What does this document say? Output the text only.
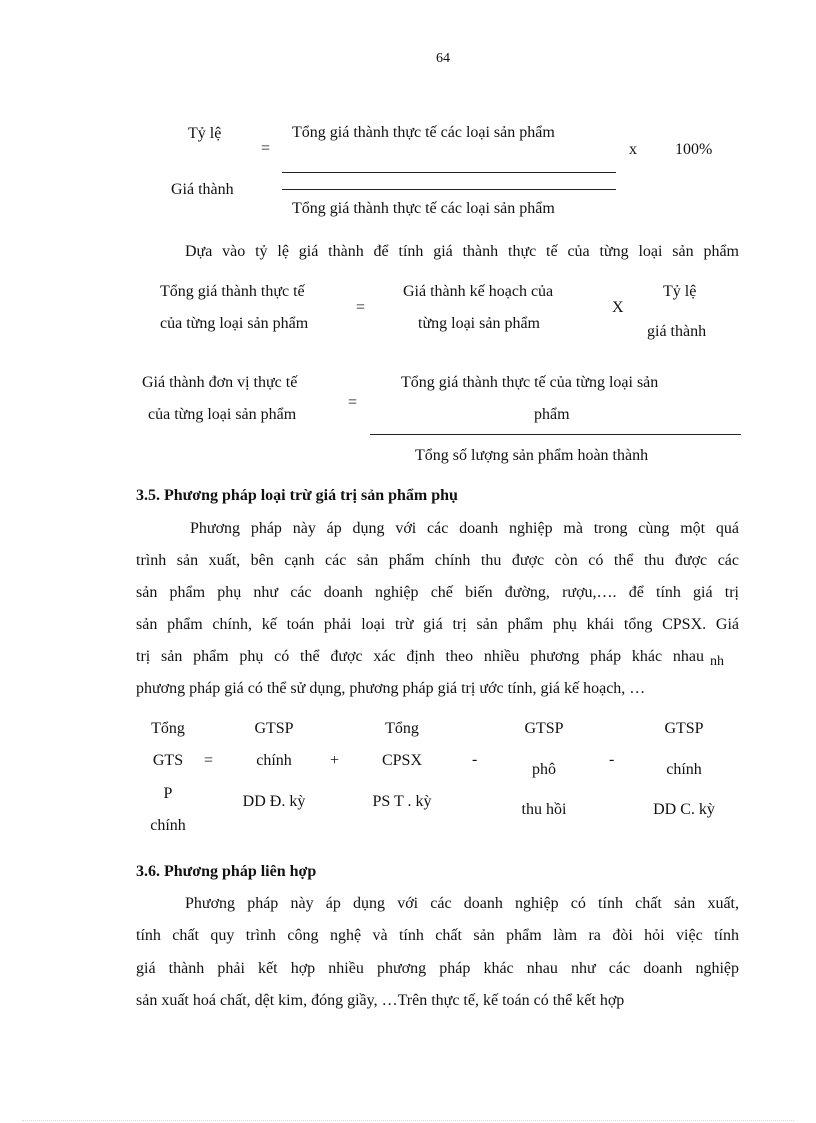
64
Tỷ lệ
Giá thành
=
Tổng giá thành thực tế các loại sản phẩm
Tổng giá thành thực tế các loại sản phẩm
x 100%
Dựa vào tỷ lệ giá thành để tính giá thành thực tế của từng loại sản phẩm
Tổng giá thành thực tế
của từng loại sản phẩm
=
Giá thành kế hoạch của
từng loại sản phẩm
X
Tỷ lệ
giá thành
Giá thành đơn vị thực tế
của từng loại sản phẩm
=
Tổng giá thành thực tế của từng loại sản
phẩm
Tổng số lượng sản phẩm hoàn thành
3.5. Phương pháp loại trừ giá trị sản phẩm phụ
Phương pháp này áp dụng với các doanh nghiệp mà trong cùng một quá
trình sản xuất, bên cạnh các sản phẩm chính thu được còn có thể thu được các
sản phẩm phụ như các doanh nghiệp chế biến đường, rượu,…. để tính giá trị
sản phẩm chính, kế toán phải loại trừ giá trị sản phẩm phụ khái tổng CPSX. Giá
trị sản phẩm phụ có thể được xác định theo nhiều phương pháp khác nhau nh
phương pháp giá có thể sử dụng, phương pháp giá trị ước tính, giá kế hoạch, …
Tổng
GTS
P
chính
=
GTSP
chính
DD Đ. kỳ
+
Tổng
CPSX
PS T . kỳ
-
GTSP
phô
thu hồi
-
GTSP
chính
DD C. kỳ
3.6. Phương pháp liên hợp
Phương pháp này áp dụng với các doanh nghiệp có tính chất sản xuất,
tính chất quy trình công nghệ và tính chất sản phẩm làm ra đòi hỏi việc tính
giá thành phải kết hợp nhiều phương pháp khác nhau như các doanh nghiệp
sản xuất hoá chất, dệt kim, đóng giầy, …Trên thực tế, kế toán có thể kết hợp
